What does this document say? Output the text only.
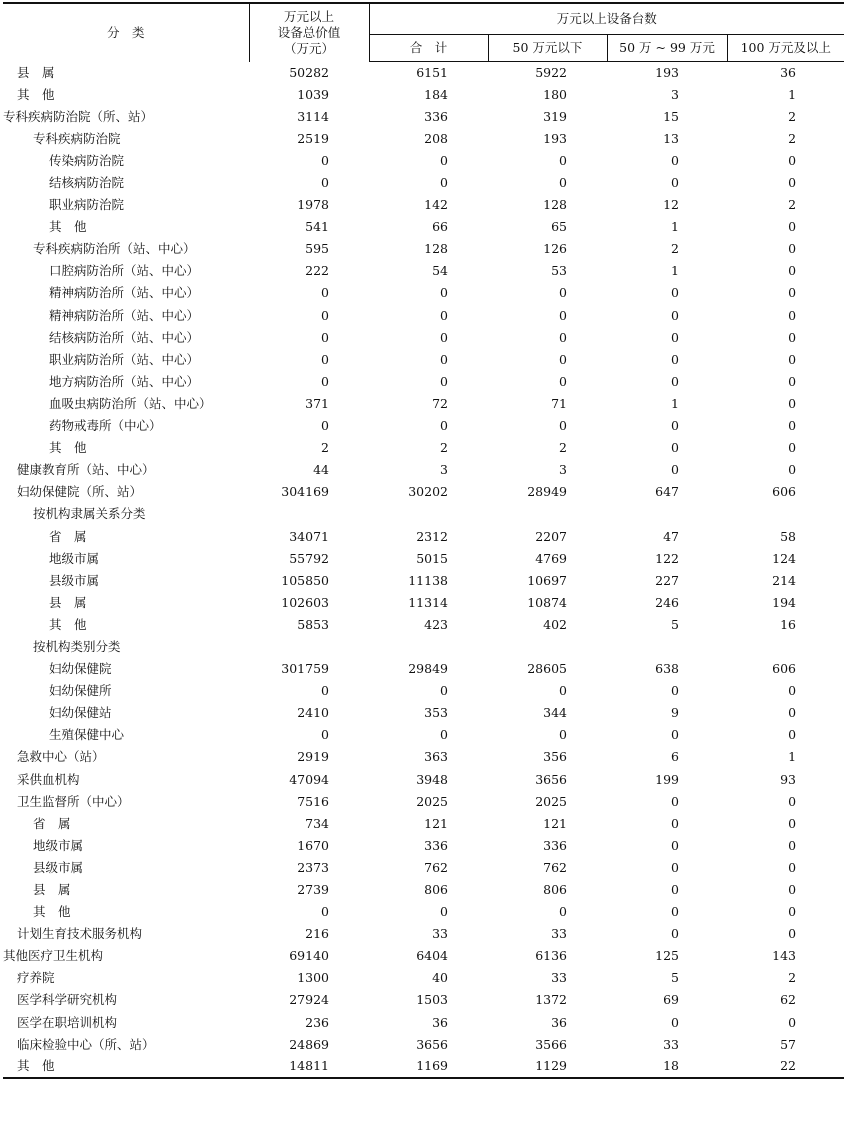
分　类	万元以上
设备总价值
（万元）	万元以上设备台数			
		合　计	50 万元以下	50 万 ~ 99 万元	100 万元及以上
县　属	50282	6151	5922	193	36
其　他	1039	184	180	3	1
专科疾病防治院（所、站）	3114	336	319	15	2
专科疾病防治院	2519	208	193	13	2
传染病防治院	0	0	0	0	0
结核病防治院	0	0	0	0	0
职业病防治院	1978	142	128	12	2
其　他	541	66	65	1	0
专科疾病防治所（站、中心）	595	128	126	2	0
口腔病防治所（站、中心）	222	54	53	1	0
精神病防治所（站、中心）	0	0	0	0	0
精神病防治所（站、中心）	0	0	0	0	0
结核病防治所（站、中心）	0	0	0	0	0
职业病防治所（站、中心）	0	0	0	0	0
地方病防治所（站、中心）	0	0	0	0	0
血吸虫病防治所（站、中心）	371	72	71	1	0
药物戒毒所（中心）	0	0	0	0	0
其　他	2	2	2	0	0
健康教育所（站、中心）	44	3	3	0	0
妇幼保健院（所、站）	304169	30202	28949	647	606
按机构隶属关系分类					
省　属	34071	2312	2207	47	58
地级市属	55792	5015	4769	122	124
县级市属	105850	11138	10697	227	214
县　属	102603	11314	10874	246	194
其　他	5853	423	402	5	16
按机构类别分类					
妇幼保健院	301759	29849	28605	638	606
妇幼保健所	0	0	0	0	0
妇幼保健站	2410	353	344	9	0
生殖保健中心	0	0	0	0	0
急救中心（站）	2919	363	356	6	1
采供血机构	47094	3948	3656	199	93
卫生监督所（中心）	7516	2025	2025	0	0
省　属	734	121	121	0	0
地级市属	1670	336	336	0	0
县级市属	2373	762	762	0	0
县　属	2739	806	806	0	0
其　他	0	0	0	0	0
计划生育技术服务机构	216	33	33	0	0
其他医疗卫生机构	69140	6404	6136	125	143
疗养院	1300	40	33	5	2
医学科学研究机构	27924	1503	1372	69	62
医学在职培训机构	236	36	36	0	0
临床检验中心（所、站）	24869	3656	3566	33	57
其　他	14811	1169	1129	18	22
